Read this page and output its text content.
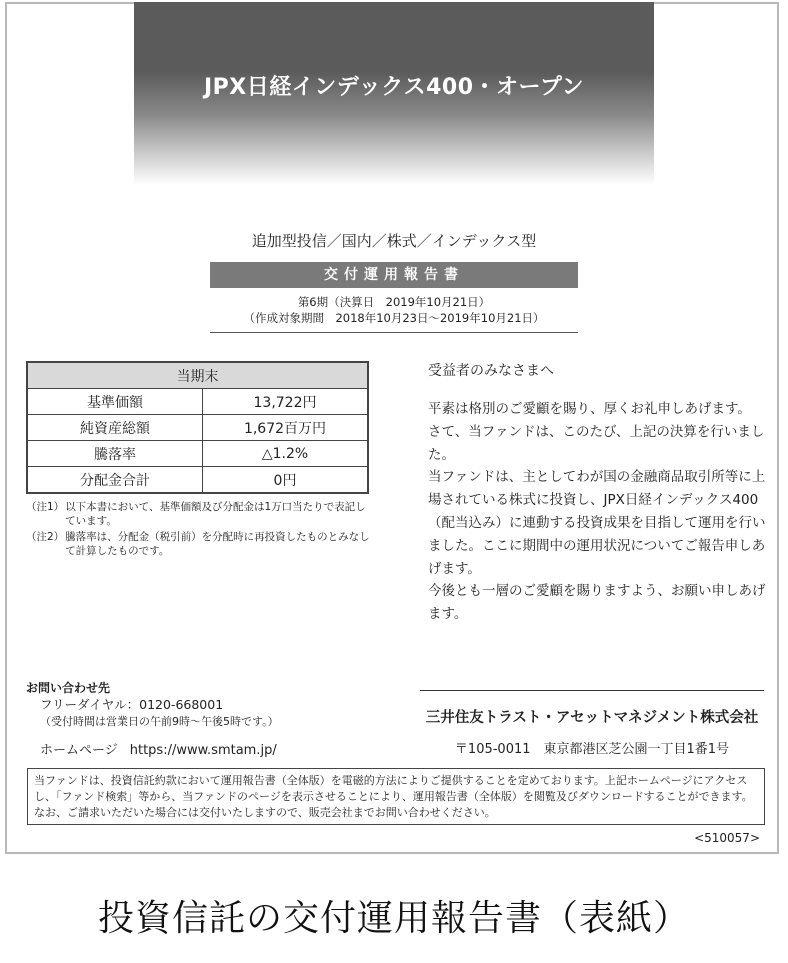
JPX日経インデックス400・オープン
追加型投信／国内／株式／インデックス型
交付運用報告書
第6期（決算日　2019年10月21日）
（作成対象期間　2018年10月23日～2019年10月21日）
当期末	
基準価額	13,722円
純資産総額	1,672百万円
騰落率	△1.2%
分配金合計	0円
（注1） 以下本書において、基準価額及び分配金は1万口当たりで表記しています。
（注2） 騰落率は、分配金（税引前）を分配時に再投資したものとみなして計算したものです。
受益者のみなさまへ

平素は格別のご愛顧を賜り、厚くお礼申しあげます。

さて、当ファンドは、このたび、上記の決算を行いました。

当ファンドは、主としてわが国の金融商品取引所等に上場されている株式に投資し、JPX日経インデックス400（配当込み）に連動する投資成果を目指して運用を行いました。ここに期間中の運用状況についてご報告申しあげます。

今後とも一層のご愛顧を賜りますよう、お願い申しあげます。

お問い合わせ先
フリーダイヤル：0120-668001
（受付時間は営業日の午前9時～午後5時です。）
ホームページ https://www.smtam.jp/
三井住友トラスト・アセットマネジメント株式会社
〒105-0011　東京都港区芝公園一丁目1番1号
当ファンドは、投資信託約款において運用報告書（全体版）を電磁的方法によりご提供することを定めております。上記ホームページにアクセスし、「ファンド検索」等から、当ファンドのページを表示させることにより、運用報告書（全体版）を閲覧及びダウンロードすることができます。なお、ご請求いただいた場合には交付いたしますので、販売会社までお問い合わせください。
<510057>
投資信託の交付運用報告書（表紙）
